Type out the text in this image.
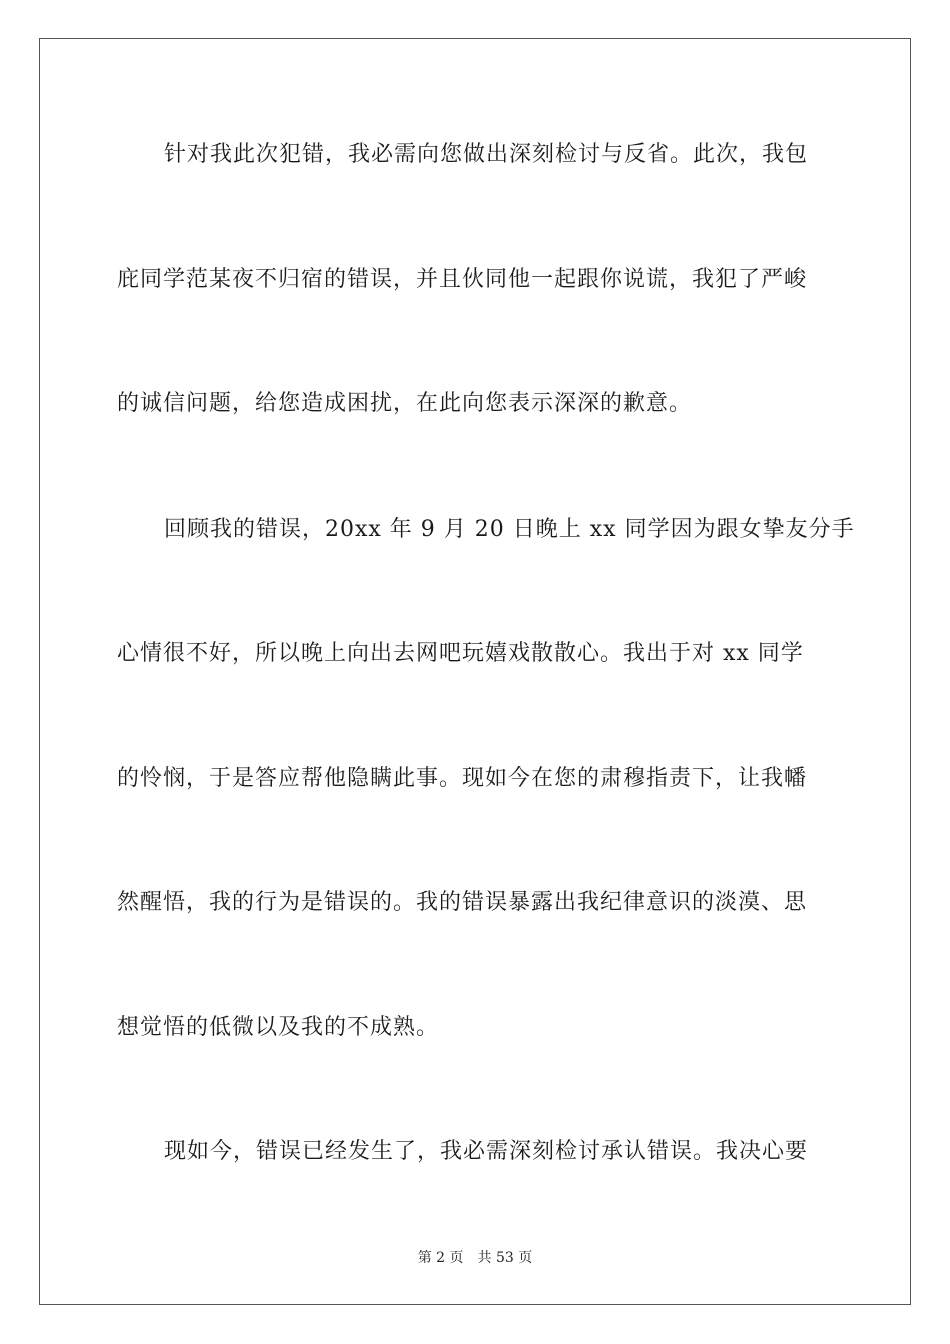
针对我此次犯错，我必需向您做出深刻检讨与反省。此次，我包
庇同学范某夜不归宿的错误，并且伙同他一起跟你说谎，我犯了严峻
的诚信问题，给您造成困扰，在此向您表示深深的歉意。
回顾我的错误，20xx 年 9 月 20 日晚上 xx 同学因为跟女挚友分手
心情很不好，所以晚上向出去网吧玩嬉戏散散心。我出于对 xx 同学
的怜悯，于是答应帮他隐瞒此事。现如今在您的肃穆指责下，让我幡
然醒悟，我的行为是错误的。我的错误暴露出我纪律意识的淡漠、思
想觉悟的低微以及我的不成熟。
现如今，错误已经发生了，我必需深刻检讨承认错误。我决心要
第 2 页 共 53 页
